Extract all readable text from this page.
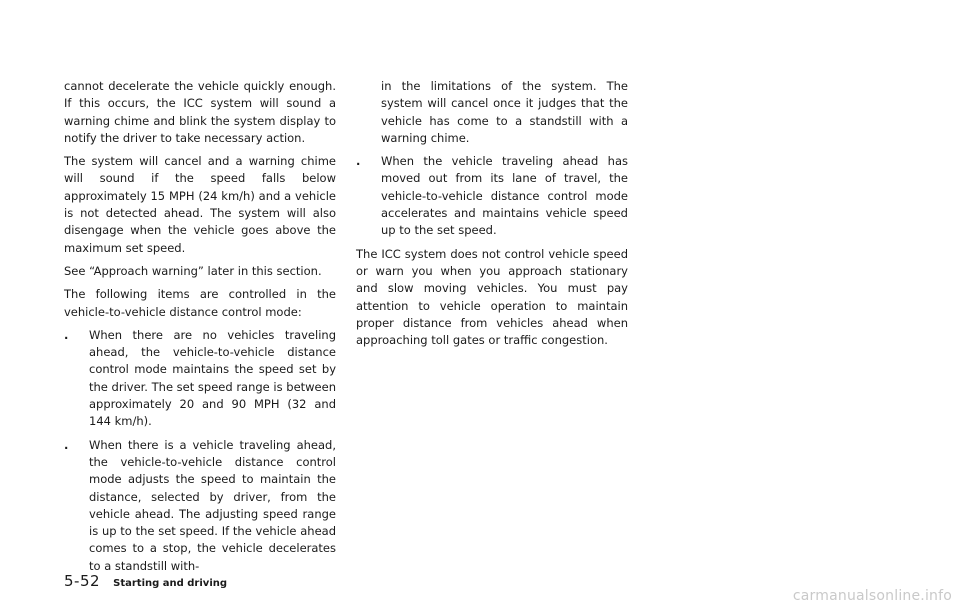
cannot decelerate the vehicle quickly enough. If this occurs, the ICC system will sound a warning chime and blink the system display to notify the driver to take necessary action.

The system will cancel and a warning chime will sound if the speed falls below approximately 15 MPH (24 km/h) and a vehicle is not detected ahead. The system will also disengage when the vehicle goes above the maximum set speed.

See “Approach warning” later in this section.

The following items are controlled in the vehicle-to-vehicle distance control mode:

.	When there are no vehicles traveling ahead, the vehicle-to-vehicle distance control mode maintains the speed set by the driver. The set speed range is between approximately 20 and 90 MPH (32 and 144 km/h).
.	When there is a vehicle traveling ahead, the vehicle-to-vehicle distance control mode adjusts the speed to maintain the distance, selected by driver, from the vehicle ahead. The adjusting speed range is up to the set speed. If the vehicle ahead comes to a stop, the vehicle decelerates to a standstill with-

in the limitations of the system. The system will cancel once it judges that the vehicle has come to a standstill with a warning chime.

.	When the vehicle traveling ahead has moved out from its lane of travel, the vehicle-to-vehicle distance control mode accelerates and maintains vehicle speed up to the set speed.

The ICC system does not control vehicle speed or warn you when you approach stationary and slow moving vehicles. You must pay attention to vehicle operation to maintain proper distance from vehicles ahead when approaching toll gates or traffic congestion.

5-52 Starting and driving
carmanualsonline.info
